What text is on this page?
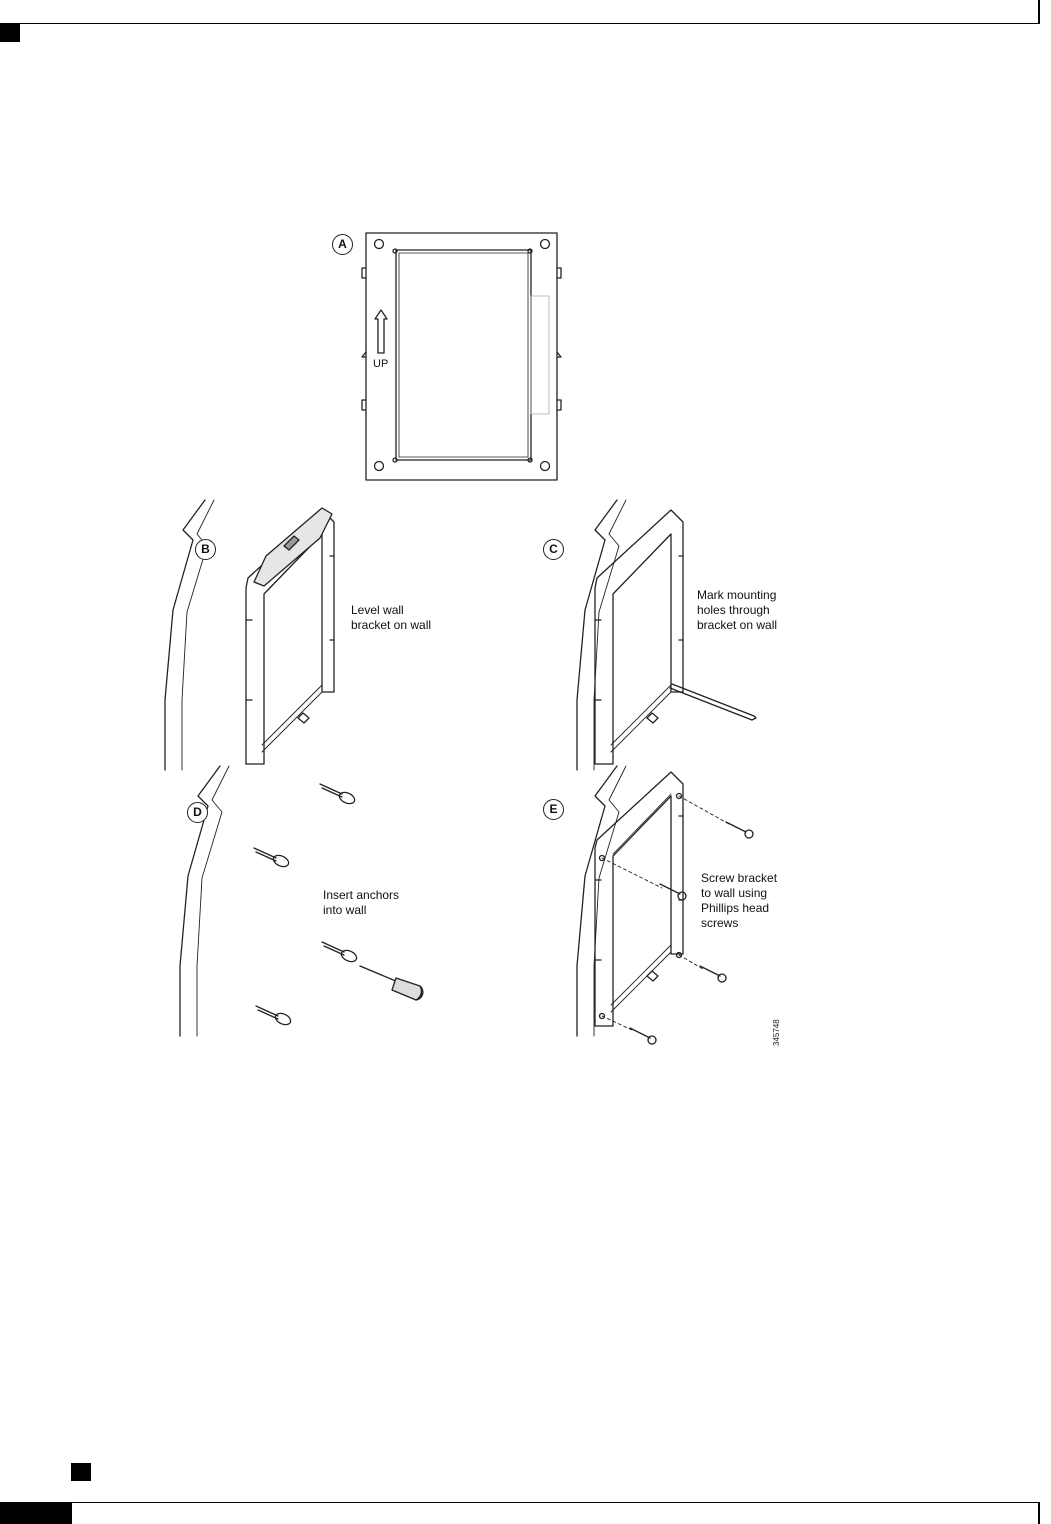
A
B	C
D	E
UP
Level wall
bracket on wall
Mark mounting
holes through
bracket on wall
Insert anchors
into wall
Screw bracket
to wall using
Phillips head
screws
345748
